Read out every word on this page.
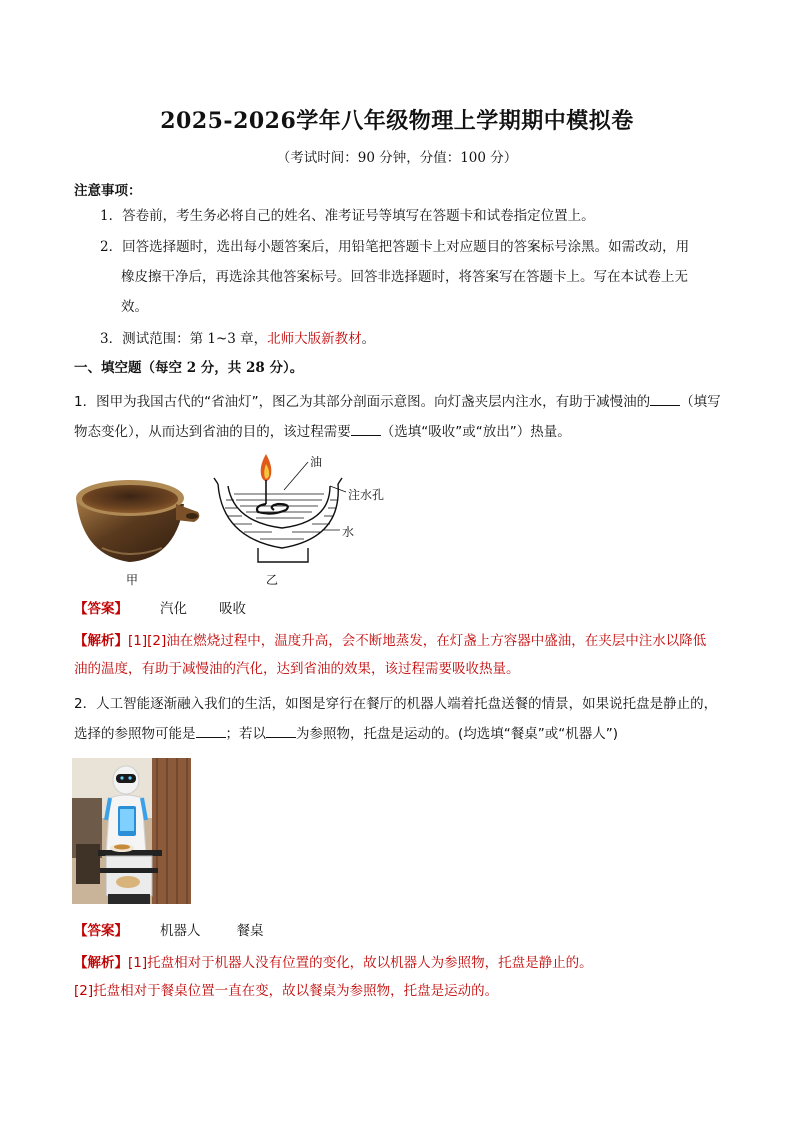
2025-2026学年八年级物理上学期期中模拟卷
（考试时间：90 分钟，分值：100 分）
注意事项：
1．答卷前，考生务必将自己的姓名、准考证号等填写在答题卡和试卷指定位置上。
2．回答选择题时，选出每小题答案后，用铅笔把答题卡上对应题目的答案标号涂黑。如需改动，用
橡皮擦干净后，再选涂其他答案标号。回答非选择题时，将答案写在答题卡上。写在本试卷上无
效。
3．测试范围：第 1~3 章，北师大版新教材。
一、填空题（每空 2 分，共 28 分）。
1．图甲为我国古代的“省油灯”，图乙为其部分剖面示意图。向灯盏夹层内注水，有助于减慢油的 （填写物态变化），从而达到省油的目的，该过程需要 （选填“吸收”或“放出”）热量。
甲
油
注水孔
水
乙
【答案】 汽化 吸收
【解析】[1][2]油在燃烧过程中，温度升高，会不断地蒸发，在灯盏上方容器中盛油，在夹层中注水以降低
油的温度，有助于减慢油的汽化，达到省油的效果，该过程需要吸收热量。
2．人工智能逐渐融入我们的生活，如图是穿行在餐厅的机器人端着托盘送餐的情景，如果说托盘是静止的，
选择的参照物可能是 ；若以 为参照物，托盘是运动的。(均选填“餐桌”或“机器人”)
【答案】 机器人	餐桌
【解析】[1]托盘相对于机器人没有位置的变化，故以机器人为参照物，托盘是静止的。
[2]托盘相对于餐桌位置一直在变，故以餐桌为参照物，托盘是运动的。
